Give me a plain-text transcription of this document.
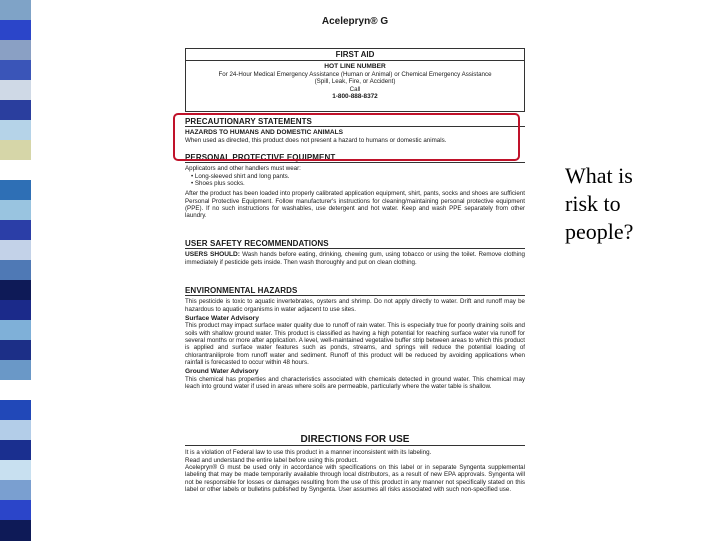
Acelepryn® G
FIRST AID
HOT LINE NUMBER
For 24-Hour Medical Emergency Assistance (Human or Animal) or Chemical Emergency Assistance
(Spill, Leak, Fire, or Accident)
Call
1-800-888-8372
PRECAUTIONARY STATEMENTS
HAZARDS TO HUMANS AND DOMESTIC ANIMALS
When used as directed, this product does not present a hazard to humans or domestic animals.
PERSONAL PROTECTIVE EQUIPMENT
Applicators and other handlers must wear:
• Long-sleeved shirt and long pants.
• Shoes plus socks.
After the product has been loaded into properly calibrated application equipment, shirt, pants, socks and shoes are sufficient Personal Protective Equipment. Follow manufacturer's instructions for cleaning/maintaining personal protective equipment (PPE). If no such instructions for washables, use detergent and hot water. Keep and wash PPE separately from other laundry.
USER SAFETY RECOMMENDATIONS
USERS SHOULD: Wash hands before eating, drinking, chewing gum, using tobacco or using the toilet. Remove clothing immediately if pesticide gets inside. Then wash thoroughly and put on clean clothing.
ENVIRONMENTAL HAZARDS
This pesticide is toxic to aquatic invertebrates, oysters and shrimp. Do not apply directly to water. Drift and runoff may be hazardous to aquatic organisms in water adjacent to use sites.
Surface Water Advisory
This product may impact surface water quality due to runoff of rain water. This is especially true for poorly draining soils and soils with shallow ground water. This product is classified as having a high potential for reaching surface water via runoff for several months or more after application. A level, well-maintained vegetative buffer strip between areas to which this product is applied and surface water features such as ponds, streams, and springs will reduce the potential loading of chlorantraniliprole from runoff water and sediment. Runoff of this product will be reduced by avoiding applications when rainfall is forecasted to occur within 48 hours.
Ground Water Advisory
This chemical has properties and characteristics associated with chemicals detected in ground water. This chemical may leach into ground water if used in areas where soils are permeable, particularly where the water table is shallow.
DIRECTIONS FOR USE
It is a violation of Federal law to use this product in a manner inconsistent with its labeling.
Read and understand the entire label before using this product.
Acelepryn® G must be used only in accordance with specifications on this label or in separate Syngenta supplemental labeling that may be made temporarily available through local distributors, as a result of new EPA approvals. Syngenta will not be responsible for losses or damages resulting from the use of this product in any manner not specifically stated on this label or other labels or bulletins published by Syngenta. User assumes all risks associated with such non-specified use.
What is
risk to
people?
